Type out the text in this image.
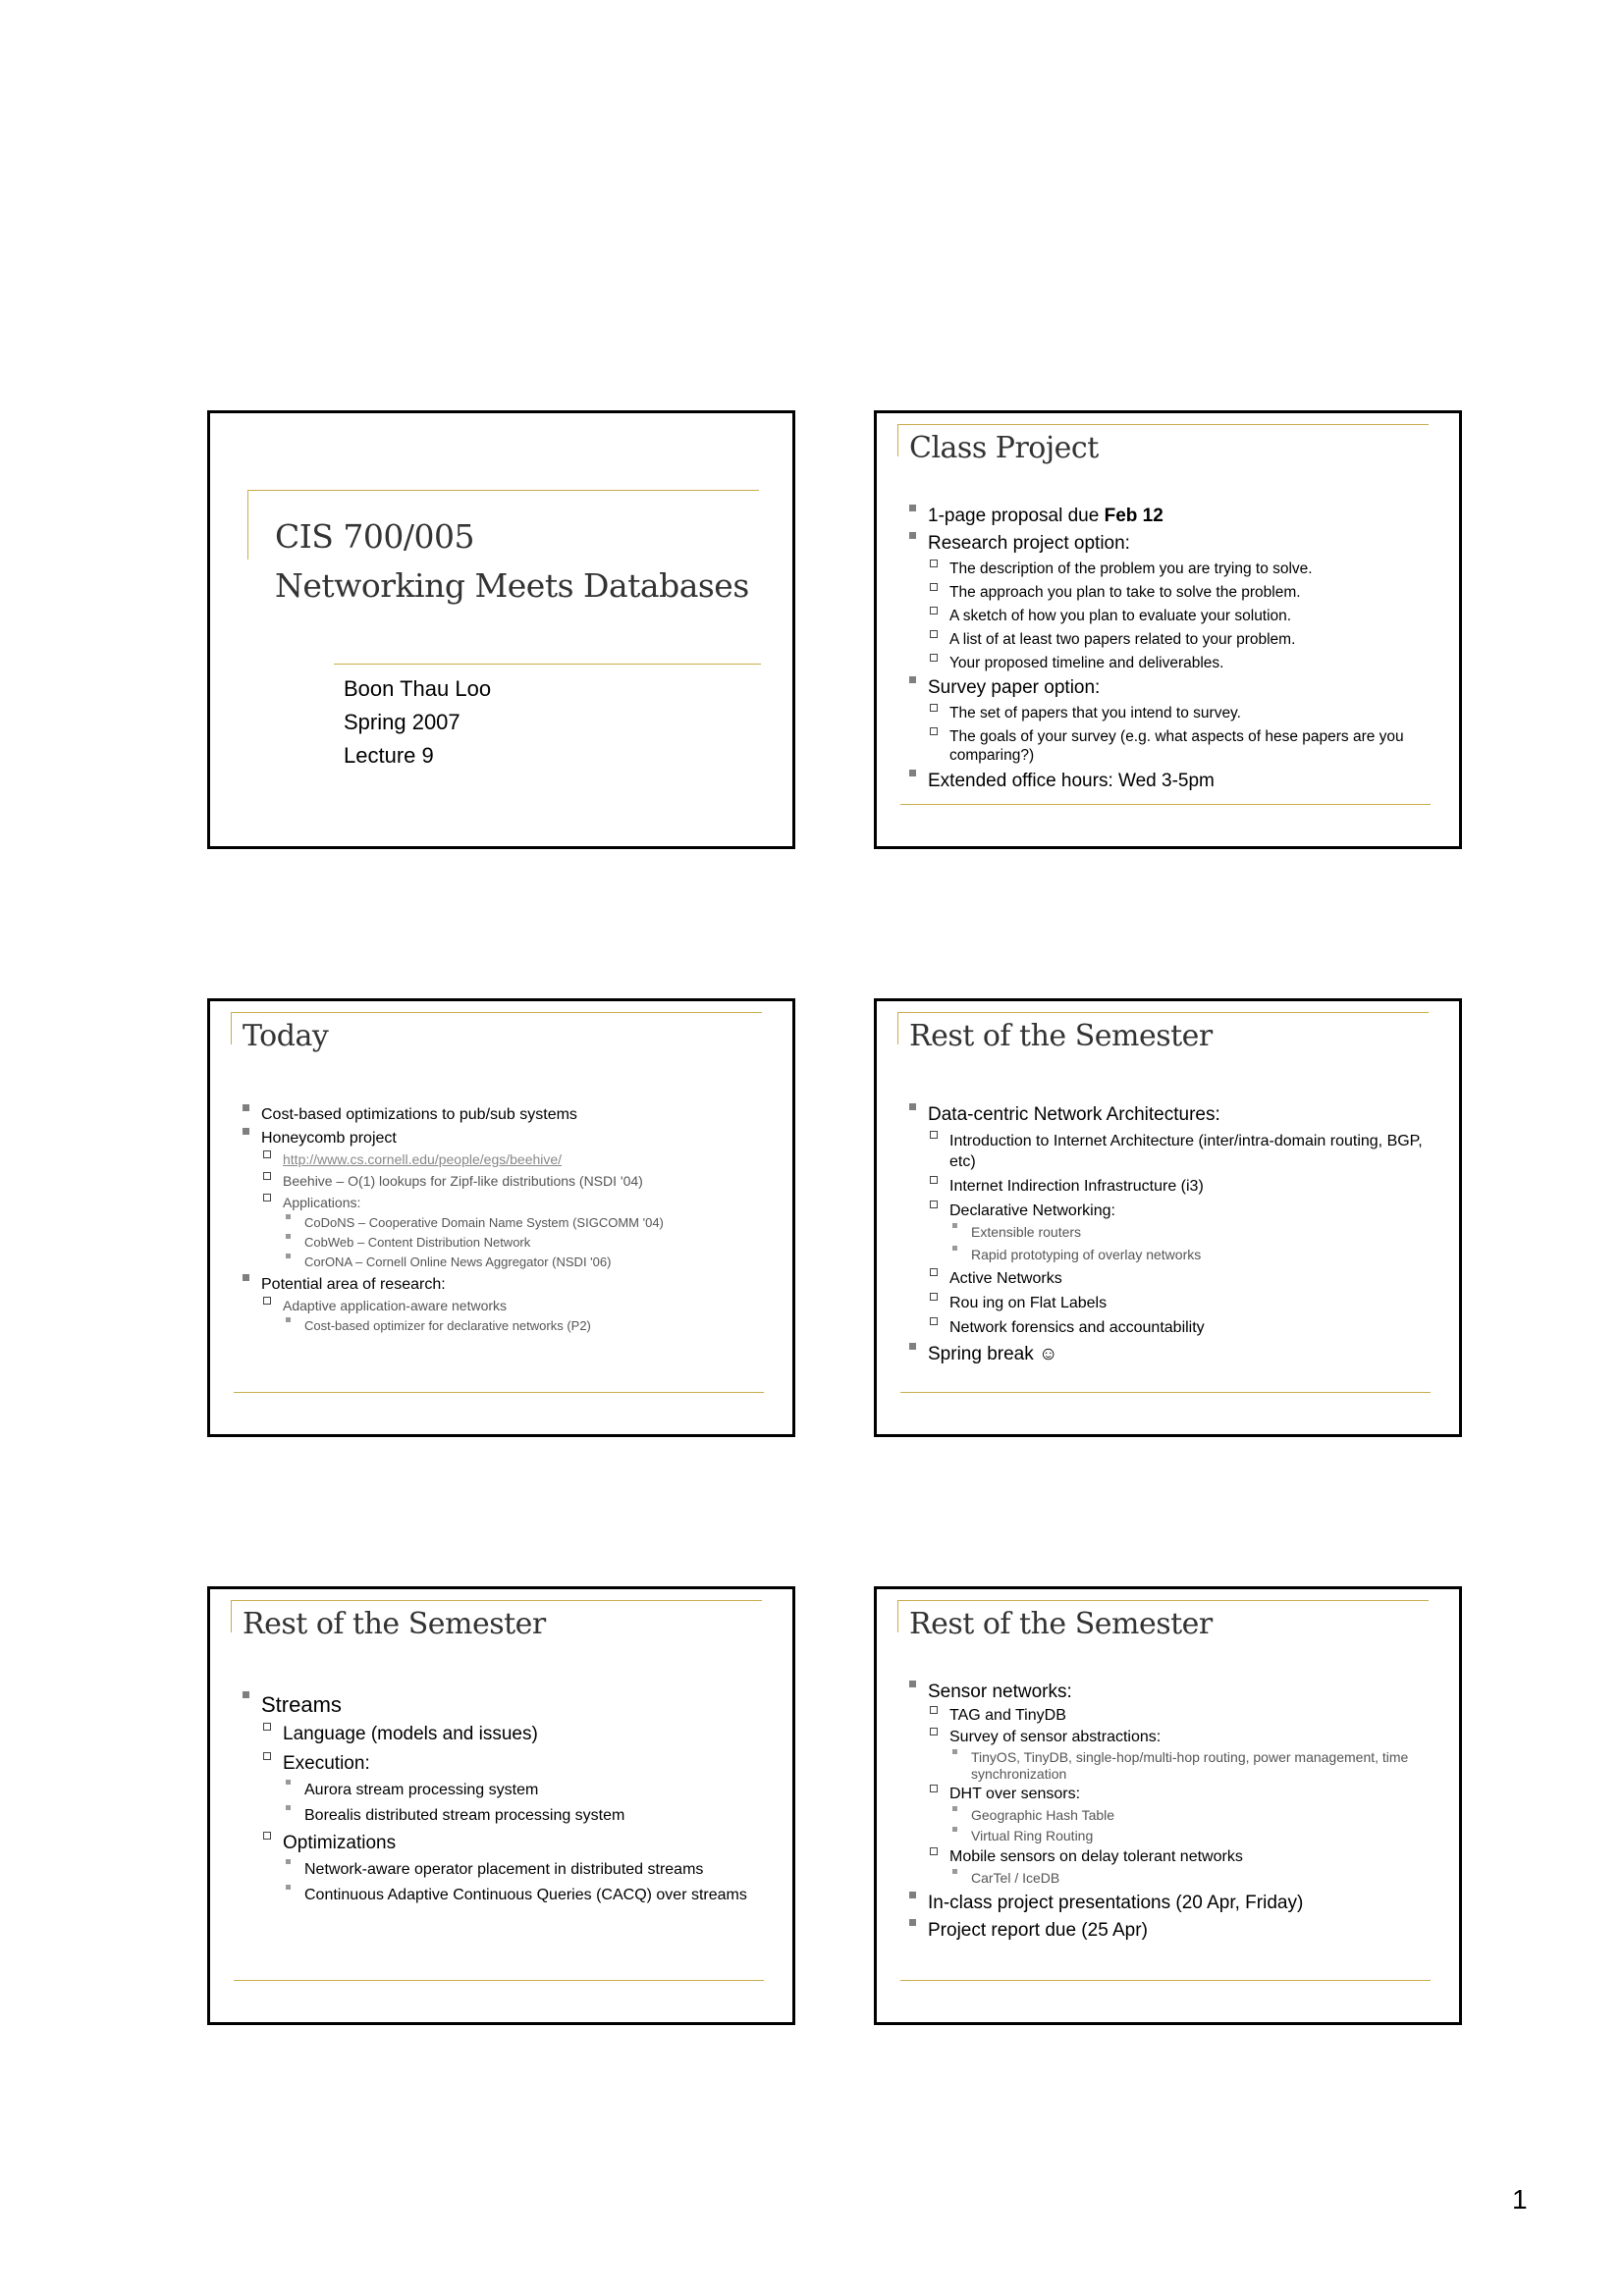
CIS 700/005
Networking Meets Databases
Boon Thau Loo
Spring 2007
Lecture 9
Class Project
1-page proposal due Feb 12
Research project option:
The description of the problem you are trying to solve.
The approach you plan to take to solve the problem.
A sketch of how you plan to evaluate your solution.
A list of at least two papers related to your problem.
Your proposed timeline and deliverables.
Survey paper option:
The set of papers that you intend to survey.
The goals of your survey (e.g. what aspects of hese papers are you comparing?)
Extended office hours: Wed 3-5pm
Today
Cost-based optimizations to pub/sub systems
Honeycomb project
http://www.cs.cornell.edu/people/egs/beehive/
Beehive – O(1) lookups for Zipf-like distributions (NSDI '04)
Applications:
CoDoNS – Cooperative Domain Name System (SIGCOMM '04)
CobWeb – Content Distribution Network
CorONA – Cornell Online News Aggregator (NSDI '06)
Potential area of research:
Adaptive application-aware networks
Cost-based optimizer for declarative networks (P2)
Rest of the Semester
Data-centric Network Architectures:
Introduction to Internet Architecture (inter/intra-domain routing, BGP, etc)
Internet Indirection Infrastructure (i3)
Declarative Networking:
Extensible routers
Rapid prototyping of overlay networks
Active Networks
Rou ing on Flat Labels
Network forensics and accountability
Spring break ☺
Rest of the Semester
Streams
Language (models and issues)
Execution:
Aurora stream processing system
Borealis distributed stream processing system
Optimizations
Network-aware operator placement in distributed streams
Continuous Adaptive Continuous Queries (CACQ) over streams
Rest of the Semester
Sensor networks:
TAG and TinyDB
Survey of sensor abstractions:
TinyOS, TinyDB, single-hop/multi-hop routing, power management, time synchronization
DHT over sensors:
Geographic Hash Table
Virtual Ring Routing
Mobile sensors on delay tolerant networks
CarTel / IceDB
In-class project presentations (20 Apr, Friday)
Project report due (25 Apr)
1
